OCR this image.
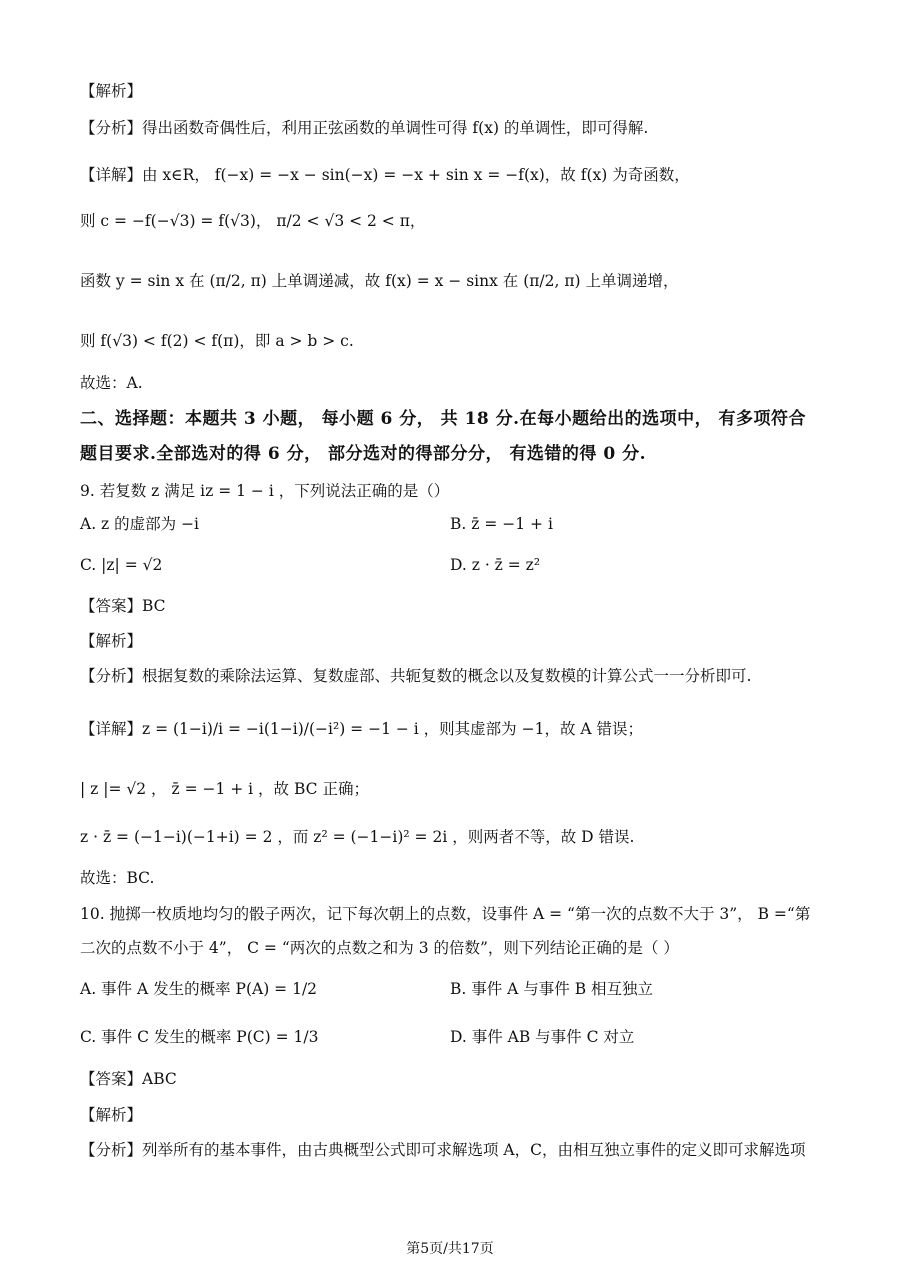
【解析】
【分析】得出函数奇偶性后，利用正弦函数的单调性可得 f(x) 的单调性，即可得解.
【详解】由 x∈R， f(−x) = −x − sin(−x) = −x + sin x = −f(x)，故 f(x) 为奇函数，
则 c = −f(−√3) = f(√3)， π/2 < √3 < 2 < π，
函数 y = sin x 在 (π/2, π) 上单调递减，故 f(x) = x − sinx 在 (π/2, π) 上单调递增，
则 f(√3) < f(2) < f(π)，即 a > b > c.
故选：A.
二、选择题：本题共 3 小题， 每小题 6 分， 共 18 分.在每小题给出的选项中， 有多项符合
题目要求.全部选对的得 6 分， 部分选对的得部分分， 有选错的得 0 分.
9. 若复数 z 满足 iz = 1 − i ，下列说法正确的是（）
A. z 的虚部为 −i	B. z̄ = −1 + i
C. |z| = √2	D. z · z̄ = z²
【答案】BC
【解析】
【分析】根据复数的乘除法运算、复数虚部、共轭复数的概念以及复数模的计算公式一一分析即可.
【详解】z = (1−i)/i = −i(1−i)/(−i²) = −1 − i ，则其虚部为 −1，故 A 错误；
| z |= √2 ， z̄ = −1 + i ，故 BC 正确；
z · z̄ = (−1−i)(−1+i) = 2 ，而 z² = (−1−i)² = 2i ，则两者不等，故 D 错误.
故选：BC.
10. 抛掷一枚质地均匀的骰子两次，记下每次朝上的点数，设事件 A = “第一次的点数不大于 3”， B =“第
二次的点数不小于 4”， C = “两次的点数之和为 3 的倍数”，则下列结论正确的是（ ）
A. 事件 A 发生的概率 P(A) = 1/2	B. 事件 A 与事件 B 相互独立
C. 事件 C 发生的概率 P(C) = 1/3	D. 事件 AB 与事件 C 对立
【答案】ABC
【解析】
【分析】列举所有的基本事件，由古典概型公式即可求解选项 A，C，由相互独立事件的定义即可求解选项
第5页/共17页
